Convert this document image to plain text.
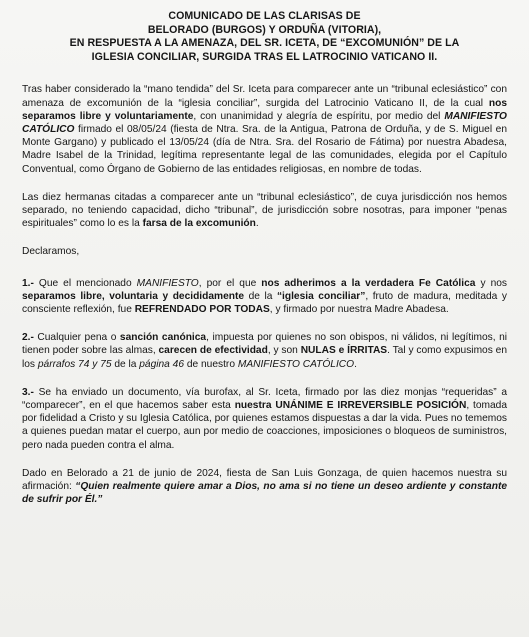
COMUNICADO DE LAS CLARISAS DE
BELORADO (BURGOS) Y ORDUÑA (VITORIA),
EN RESPUESTA A LA AMENAZA, DEL SR. ICETA, DE “EXCOMUNIÓN” DE LA
IGLESIA CONCILIAR, SURGIDA TRAS EL LATROCINIO VATICANO II.

Tras haber considerado la “mano tendida” del Sr. Iceta para comparecer ante un “tribunal eclesiástico” con amenaza de excomunión de la “iglesia conciliar”, surgida del Latrocinio Vaticano II, de la cual nos separamos libre y voluntariamente, con unanimidad y alegría de espíritu, por medio del MANIFIESTO CATÓLICO firmado el 08/05/24 (fiesta de Ntra. Sra. de la Antigua, Patrona de Orduña, y de S. Miguel en Monte Gargano) y publicado el 13/05/24 (día de Ntra. Sra. del Rosario de Fátima) por nuestra Abadesa, Madre Isabel de la Trinidad, legítima representante legal de las comunidades, elegida por el Capítulo Conventual, como Órgano de Gobierno de las entidades religiosas, en nombre de todas.

Las diez hermanas citadas a comparecer ante un “tribunal eclesiástico”, de cuya jurisdicción nos hemos separado, no teniendo capacidad, dicho “tribunal”, de jurisdicción sobre nosotras, para imponer “penas espirituales” como lo es la farsa de la excomunión.

Declaramos,

1.- Que el mencionado MANIFIESTO, por el que nos adherimos a la verdadera Fe Católica y nos separamos libre, voluntaria y decididamente de la “iglesia conciliar”, fruto de madura, meditada y consciente reflexión, fue REFRENDADO POR TODAS, y firmado por nuestra Madre Abadesa.

2.- Cualquier pena o sanción canónica, impuesta por quienes no son obispos, ni válidos, ni legítimos, ni tienen poder sobre las almas, carecen de efectividad, y son NULAS e ÍRRITAS. Tal y como expusimos en los párrafos 74 y 75 de la página 46 de nuestro MANIFIESTO CATÓLICO.

3.- Se ha enviado un documento, vía burofax, al Sr. Iceta, firmado por las diez monjas “requeridas” a “comparecer”, en el que hacemos saber esta nuestra UNÁNIME E IRREVERSIBLE POSICIÓN, tomada por fidelidad a Cristo y su Iglesia Católica, por quienes estamos dispuestas a dar la vida. Pues no tememos a quienes puedan matar el cuerpo, aun por medio de coacciones, imposiciones o bloqueos de suministros, pero nada pueden contra el alma.

Dado en Belorado a 21 de junio de 2024, fiesta de San Luis Gonzaga, de quien hacemos nuestra su afirmación: “Quien realmente quiere amar a Dios, no ama si no tiene un deseo ardiente y constante de sufrir por Él.”
